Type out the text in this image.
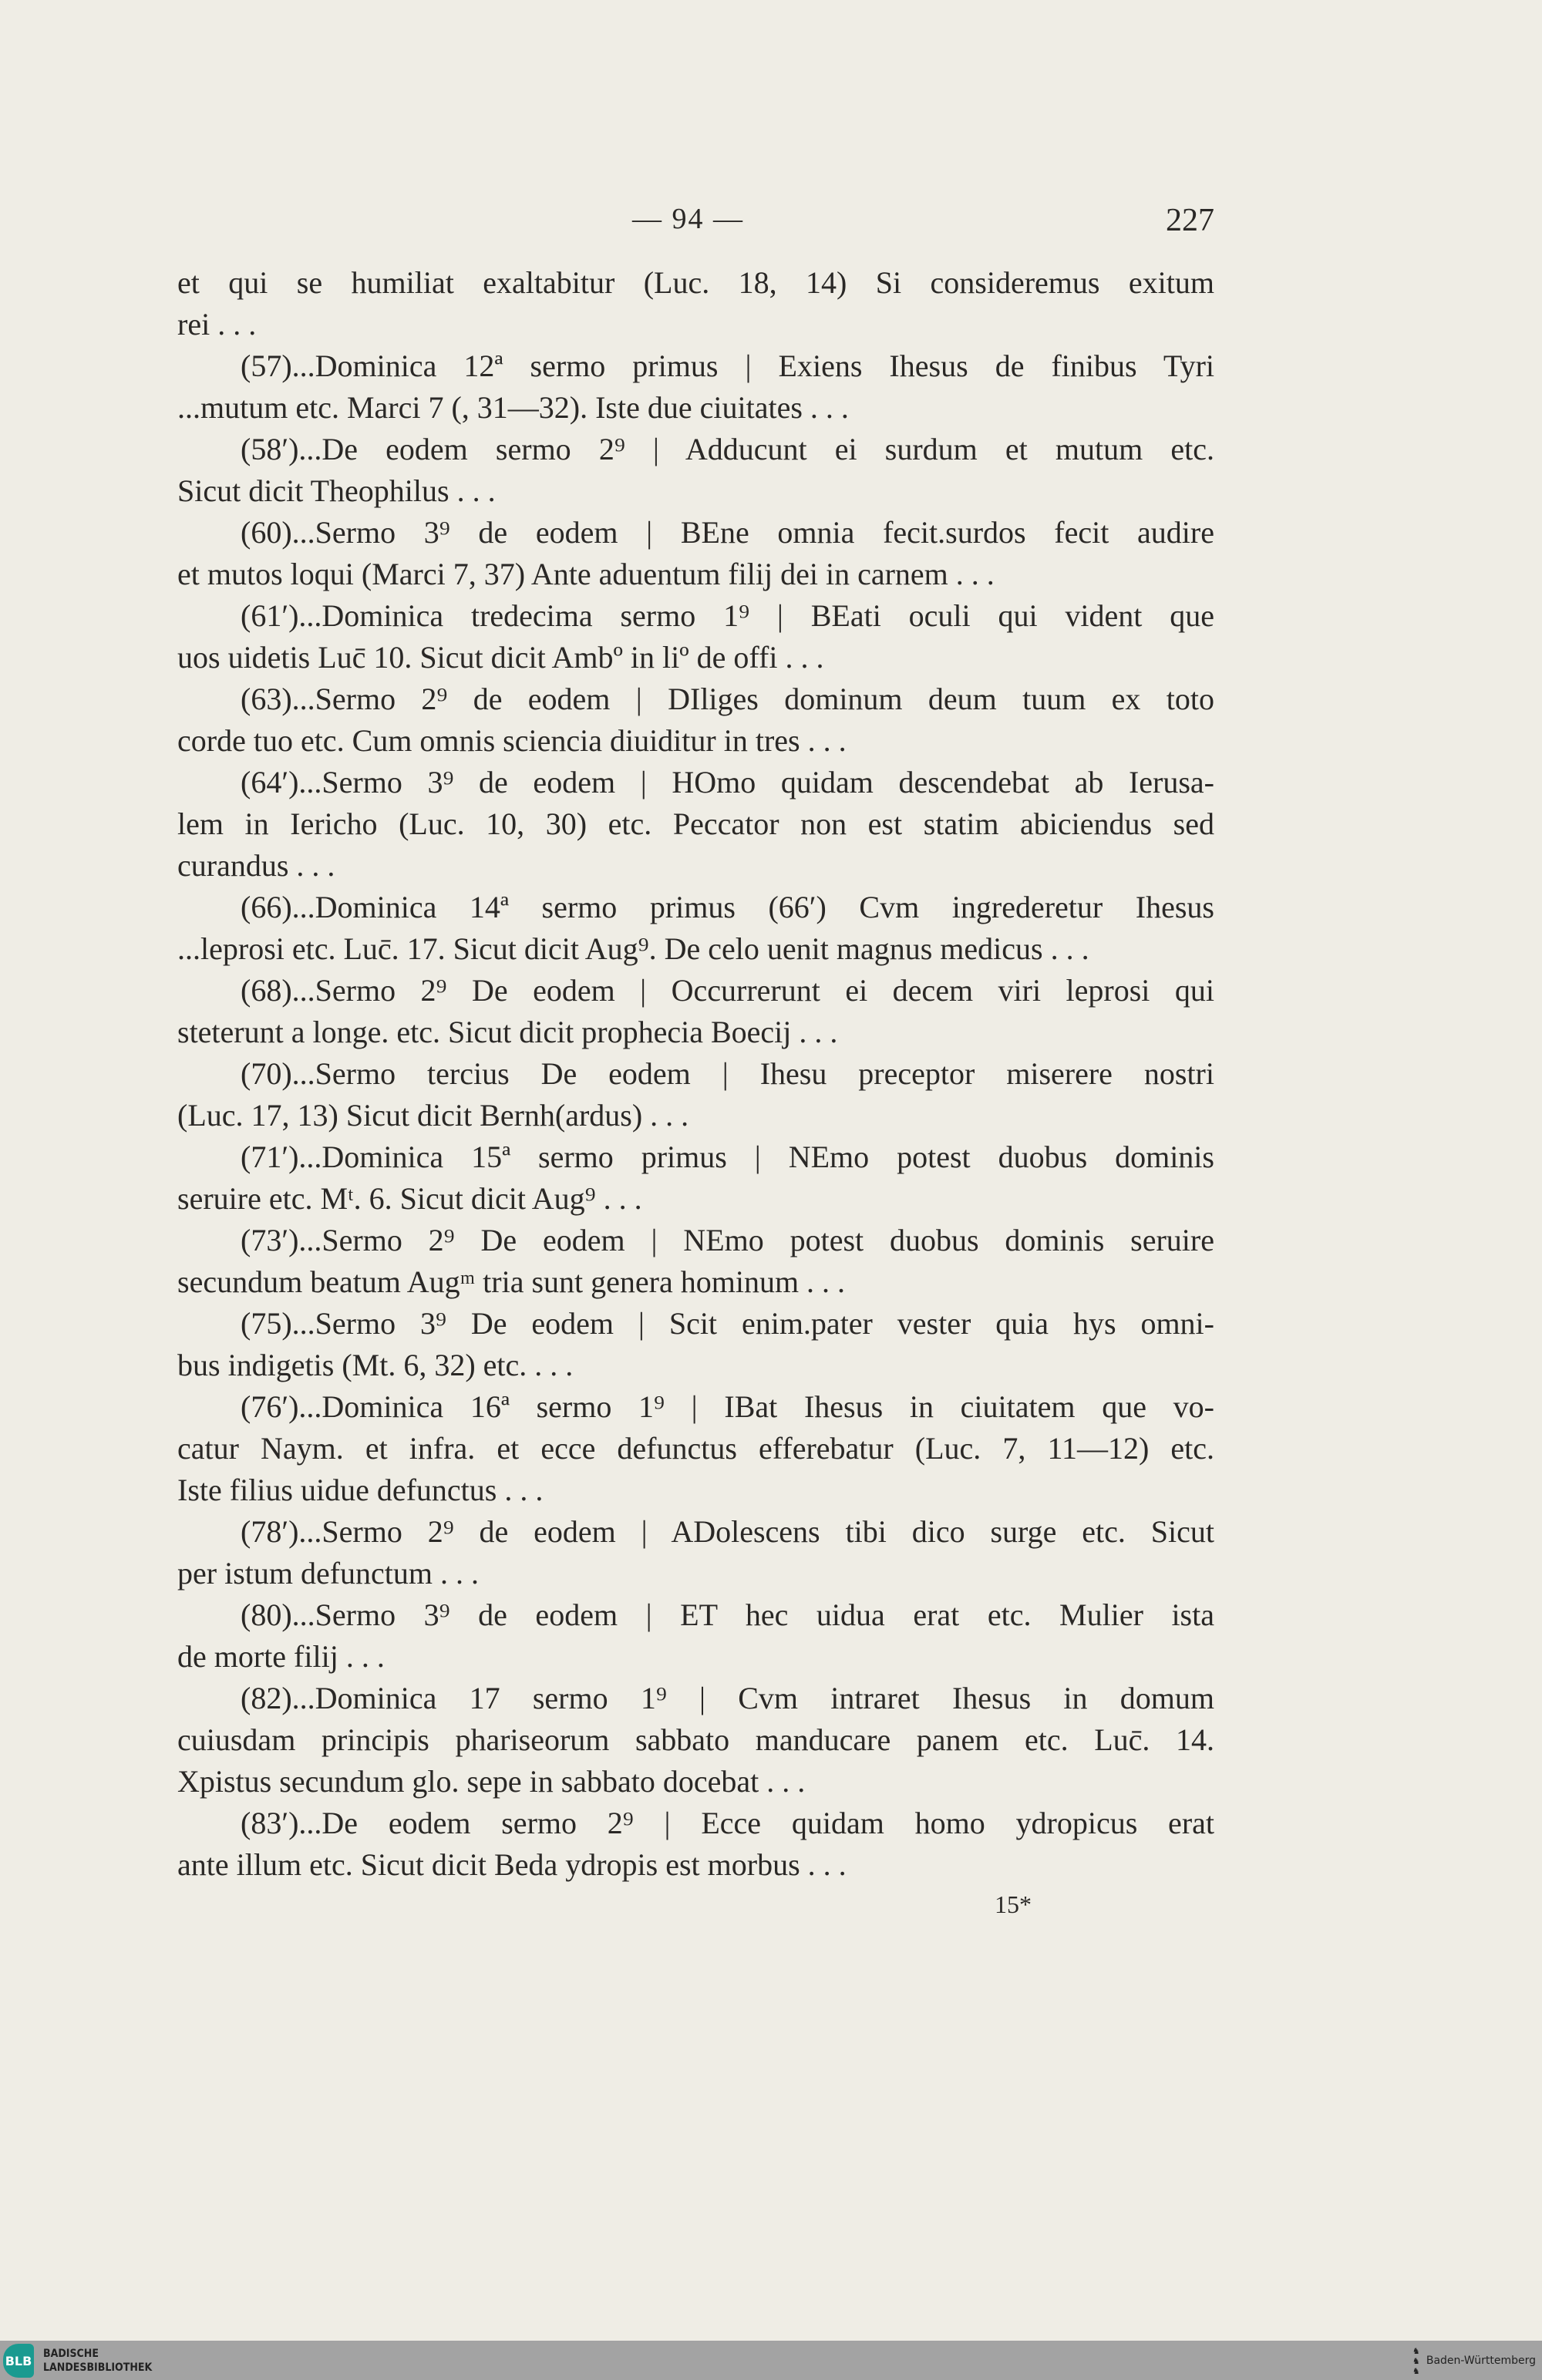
— 94 —	227
et qui se humiliat exaltabitur (Luc. 18, 14) Si consideremus exitum
rei . . .
(57)...Dominica 12ª sermo primus | Exiens Ihesus de finibus Tyri
...mutum etc. Marci 7 (, 31—32). Iste due ciuitates . . .
(58′)...De eodem sermo 2⁹ | Adducunt ei surdum et mutum etc.
Sicut dicit Theophilus . . .
(60)...Sermo 3⁹ de eodem | BEne omnia fecit.surdos fecit audire
et mutos loqui (Marci 7, 37) Ante aduentum filij dei in carnem . . .
(61′)...Dominica tredecima sermo 1⁹ | BEati oculi qui vident que
uos uidetis Luc̄ 10. Sicut dicit Ambº in liº de offi . . .
(63)...Sermo 2⁹ de eodem | DIliges dominum deum tuum ex toto
corde tuo etc. Cum omnis sciencia diuiditur in tres . . .
(64′)...Sermo 3⁹ de eodem | HOmo quidam descendebat ab Ierusa-
lem in Iericho (Luc. 10, 30) etc. Peccator non est statim abiciendus sed
curandus . . .
(66)...Dominica 14ª sermo primus (66′) Cvm ingrederetur Ihesus
...leprosi etc. Luc̄. 17. Sicut dicit Aug⁹. De celo uenit magnus medicus . . .
(68)...Sermo 2⁹ De eodem | Occurrerunt ei decem viri leprosi qui
steterunt a longe. etc. Sicut dicit prophecia Boecij . . .
(70)...Sermo tercius De eodem | Ihesu preceptor miserere nostri
(Luc. 17, 13) Sicut dicit Bernh(ardus) . . .
(71′)...Dominica 15ª sermo primus | NEmo potest duobus dominis
seruire etc. Mᵗ. 6. Sicut dicit Aug⁹ . . .
(73′)...Sermo 2⁹ De eodem | NEmo potest duobus dominis seruire
secundum beatum Augᵐ tria sunt genera hominum . . .
(75)...Sermo 3⁹ De eodem | Scit enim.pater vester quia hys omni-
bus indigetis (Mt. 6, 32) etc. . . .
(76′)...Dominica 16ª sermo 1⁹ | IBat Ihesus in ciuitatem que vo-
catur Naym. et infra. et ecce defunctus efferebatur (Luc. 7, 11—12) etc.
Iste filius uidue defunctus . . .
(78′)...Sermo 2⁹ de eodem | ADolescens tibi dico surge etc. Sicut
per istum defunctum . . .
(80)...Sermo 3⁹ de eodem | ET hec uidua erat etc. Mulier ista
de morte filij . . .
(82)...Dominica 17 sermo 1⁹ | Cvm intraret Ihesus in domum
cuiusdam principis phariseorum sabbato manducare panem etc. Luc̄. 14.
Xpistus secundum glo. sepe in sabbato docebat . . .
(83′)...De eodem sermo 2⁹ | Ecce quidam homo ydropicus erat
ante illum etc. Sicut dicit Beda ydropis est morbus . . .
15*
BLB BADISCHE
LANDESBIBLIOTHEK
♞
♞
♞
Baden-Württemberg
